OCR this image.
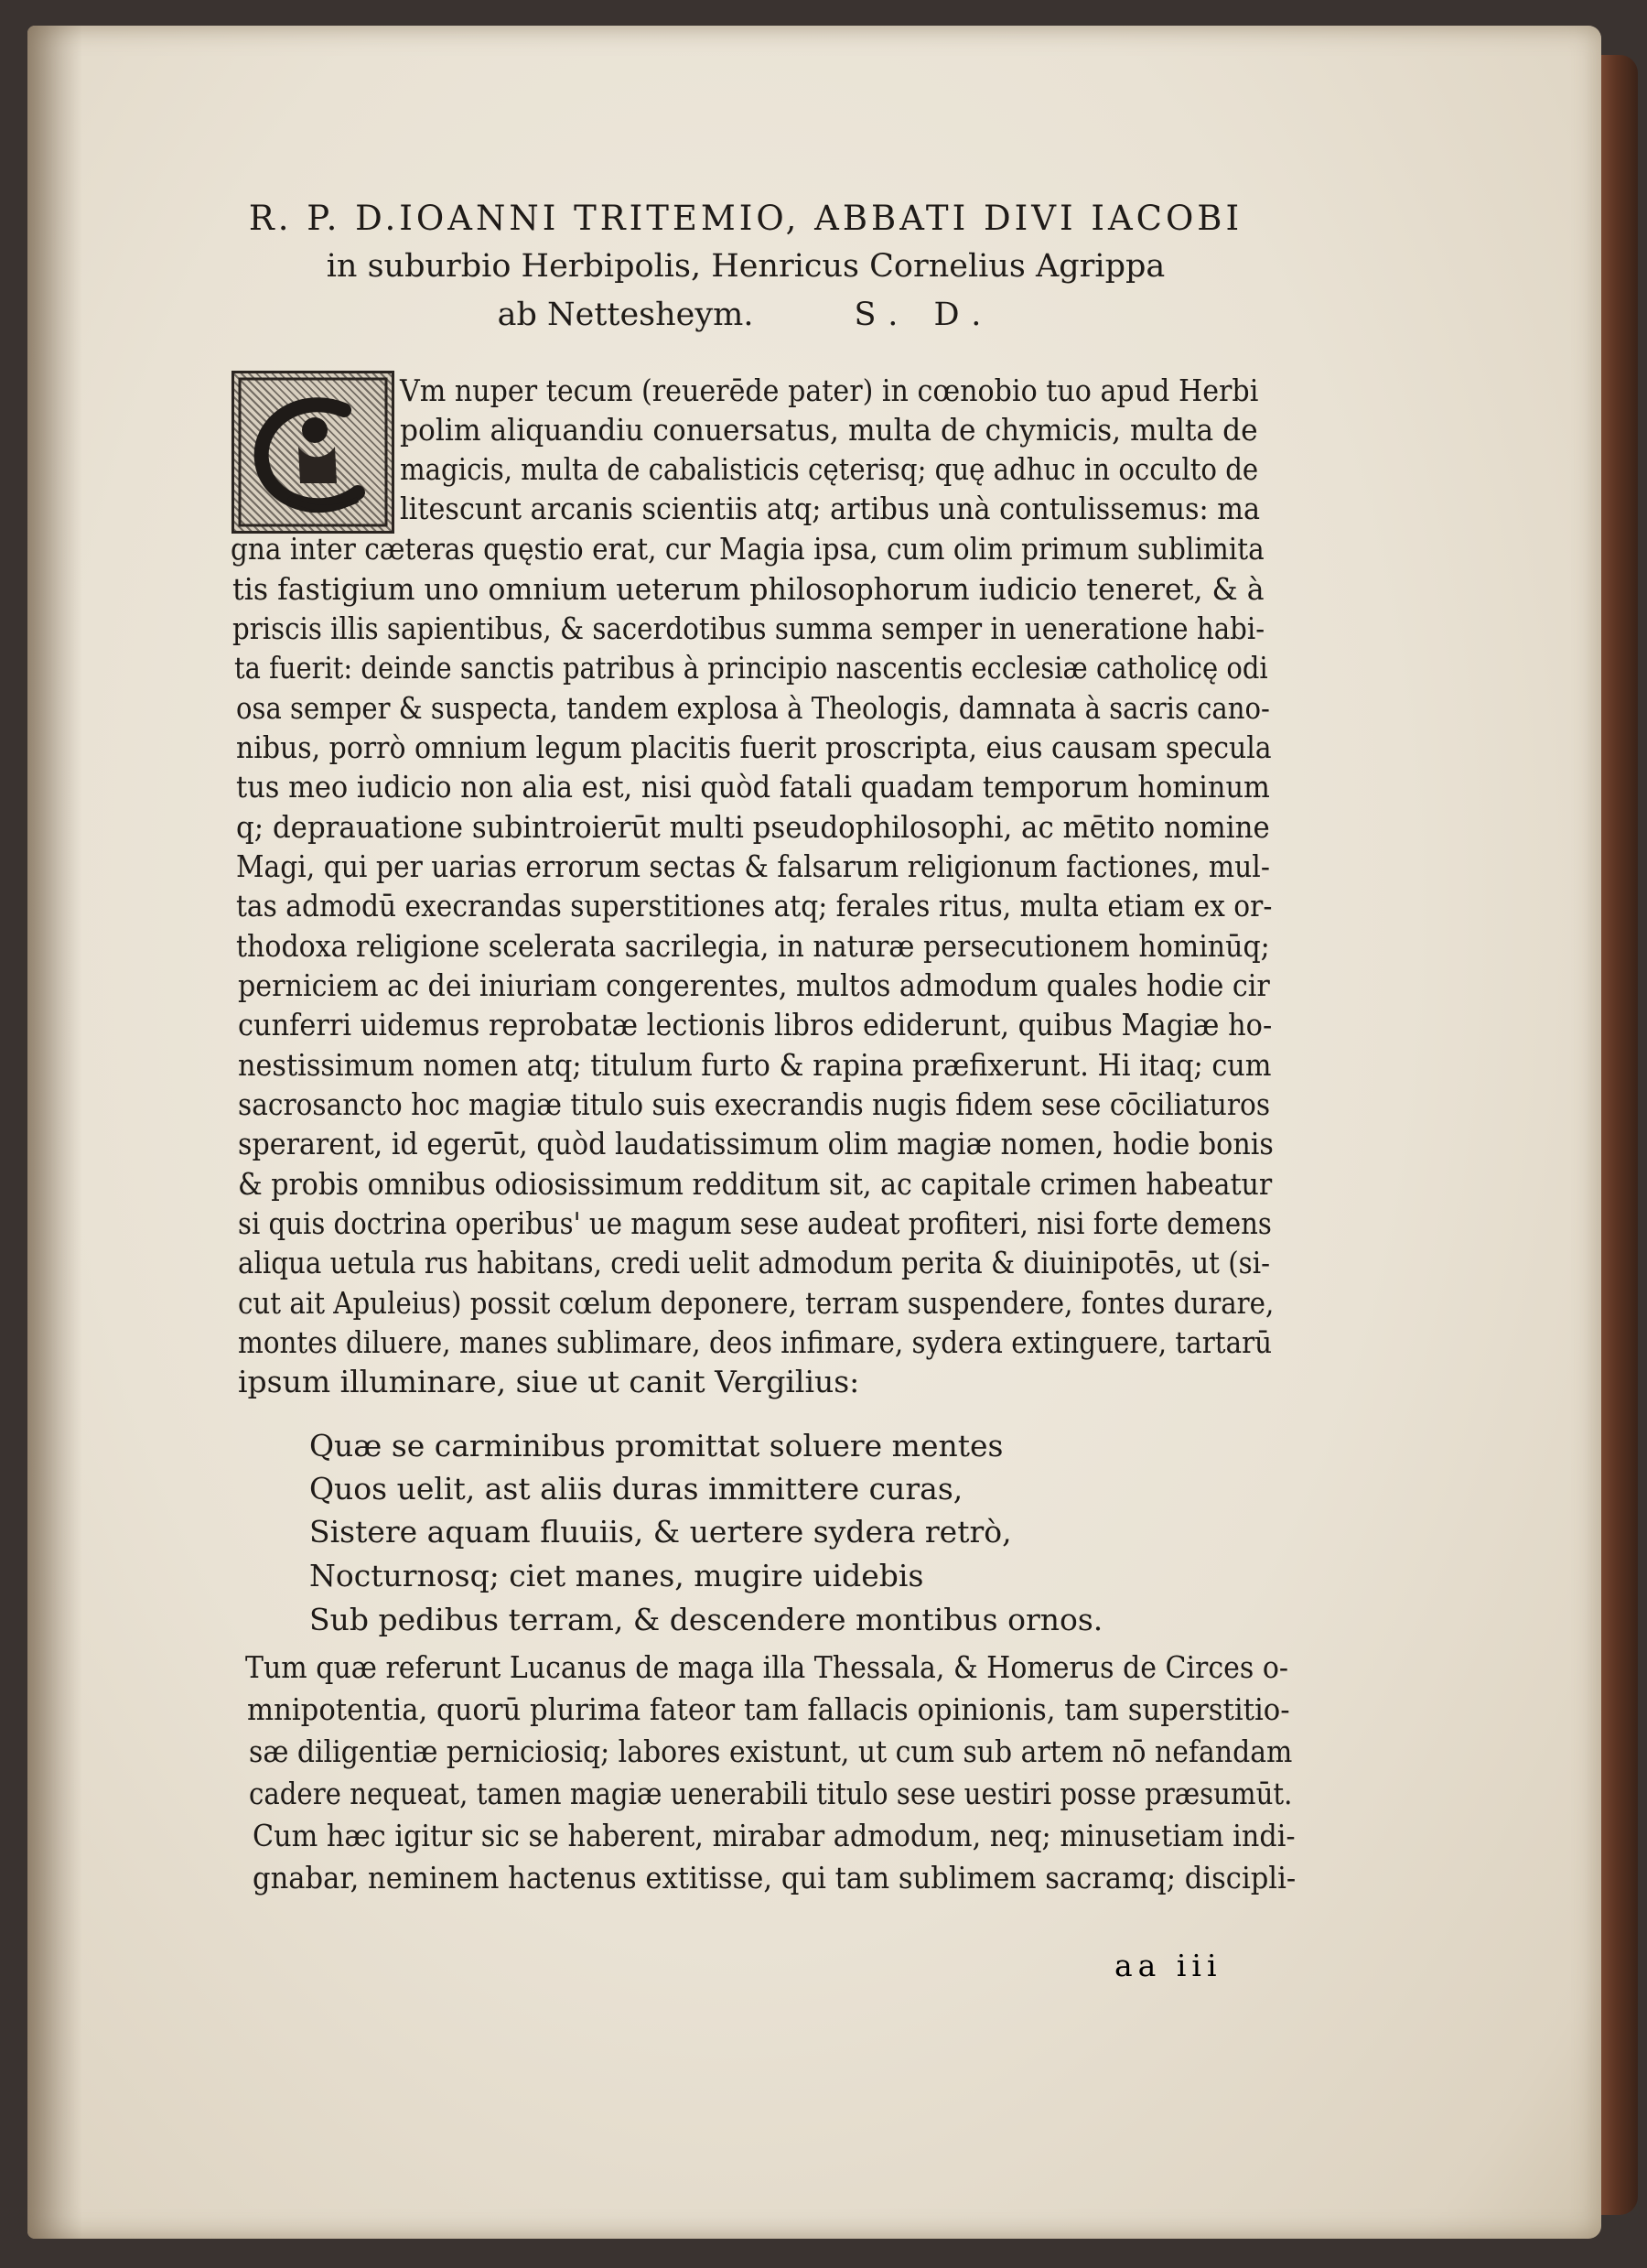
R. P. D.IOANNI TRITEMIO, ABBATI DIVI IACOBI
in suburbio Herbipolis, Henricus Cornelius Agrippa
ab Nettesheym.	S. D.
Vm nuper tecum (reuerēde pater) in cœnobio tuo apud Herbi
polim aliquandiu conuersatus, multa de chymicis, multa de
magicis, multa de cabalisticis cęterisq; quę adhuc in occulto de
litescunt arcanis scientiis atq; artibus unà contulissemus: ma
gna inter cæteras quęstio erat, cur Magia ipsa, cum olim primum sublimita
tis fastigium uno omnium ueterum philosophorum iudicio teneret, & à
priscis illis sapientibus, & sacerdotibus summa semper in ueneratione habi-
ta fuerit: deinde sanctis patribus à principio nascentis ecclesiæ catholicę odi
osa semper & suspecta, tandem explosa à Theologis, damnata à sacris cano-
nibus, porrò omnium legum placitis fuerit proscripta, eius causam specula
tus meo iudicio non alia est, nisi quòd fatali quadam temporum hominum
q; deprauatione subintroierūt multi pseudophilosophi, ac mētito nomine
Magi, qui per uarias errorum sectas & falsarum religionum factiones, mul-
tas admodū execrandas superstitiones atq; ferales ritus, multa etiam ex or-
thodoxa religione scelerata sacrilegia, in naturæ persecutionem hominūq;
perniciem ac dei iniuriam congerentes, multos admodum quales hodie cir
cunferri uidemus reprobatæ lectionis libros ediderunt, quibus Magiæ ho-
nestissimum nomen atq; titulum furto & rapina præfixerunt. Hi itaq; cum
sacrosancto hoc magiæ titulo suis execrandis nugis fidem sese cōciliaturos
sperarent, id egerūt, quòd laudatissimum olim magiæ nomen, hodie bonis
& probis omnibus odiosissimum redditum sit, ac capitale crimen habeatur
si quis doctrina operibus' ue magum sese audeat profiteri, nisi forte demens
aliqua uetula rus habitans, credi uelit admodum perita & diuinipotēs, ut (si-
cut ait Apuleius) possit cœlum deponere, terram suspendere, fontes durare,
montes diluere, manes sublimare, deos infimare, sydera extinguere, tartarū
ipsum illuminare, siue ut canit Vergilius:
Quæ se carminibus promittat soluere mentes
Quos uelit, ast aliis duras immittere curas,
Sistere aquam fluuiis, & uertere sydera retrò,
Nocturnosq; ciet manes, mugire uidebis
Sub pedibus terram, & descendere montibus ornos.
Tum quæ referunt Lucanus de maga illa Thessala, & Homerus de Circes o-
mnipotentia, quorū plurima fateor tam fallacis opinionis, tam superstitio-
sæ diligentiæ perniciosiq; labores existunt, ut cum sub artem nō nefandam
cadere nequeat, tamen magiæ uenerabili titulo sese uestiri posse præsumūt.
Cum hæc igitur sic se haberent, mirabar admodum, neq; minusetiam indi-
gnabar, neminem hactenus extitisse, qui tam sublimem sacramq; discipli-
aa iii
